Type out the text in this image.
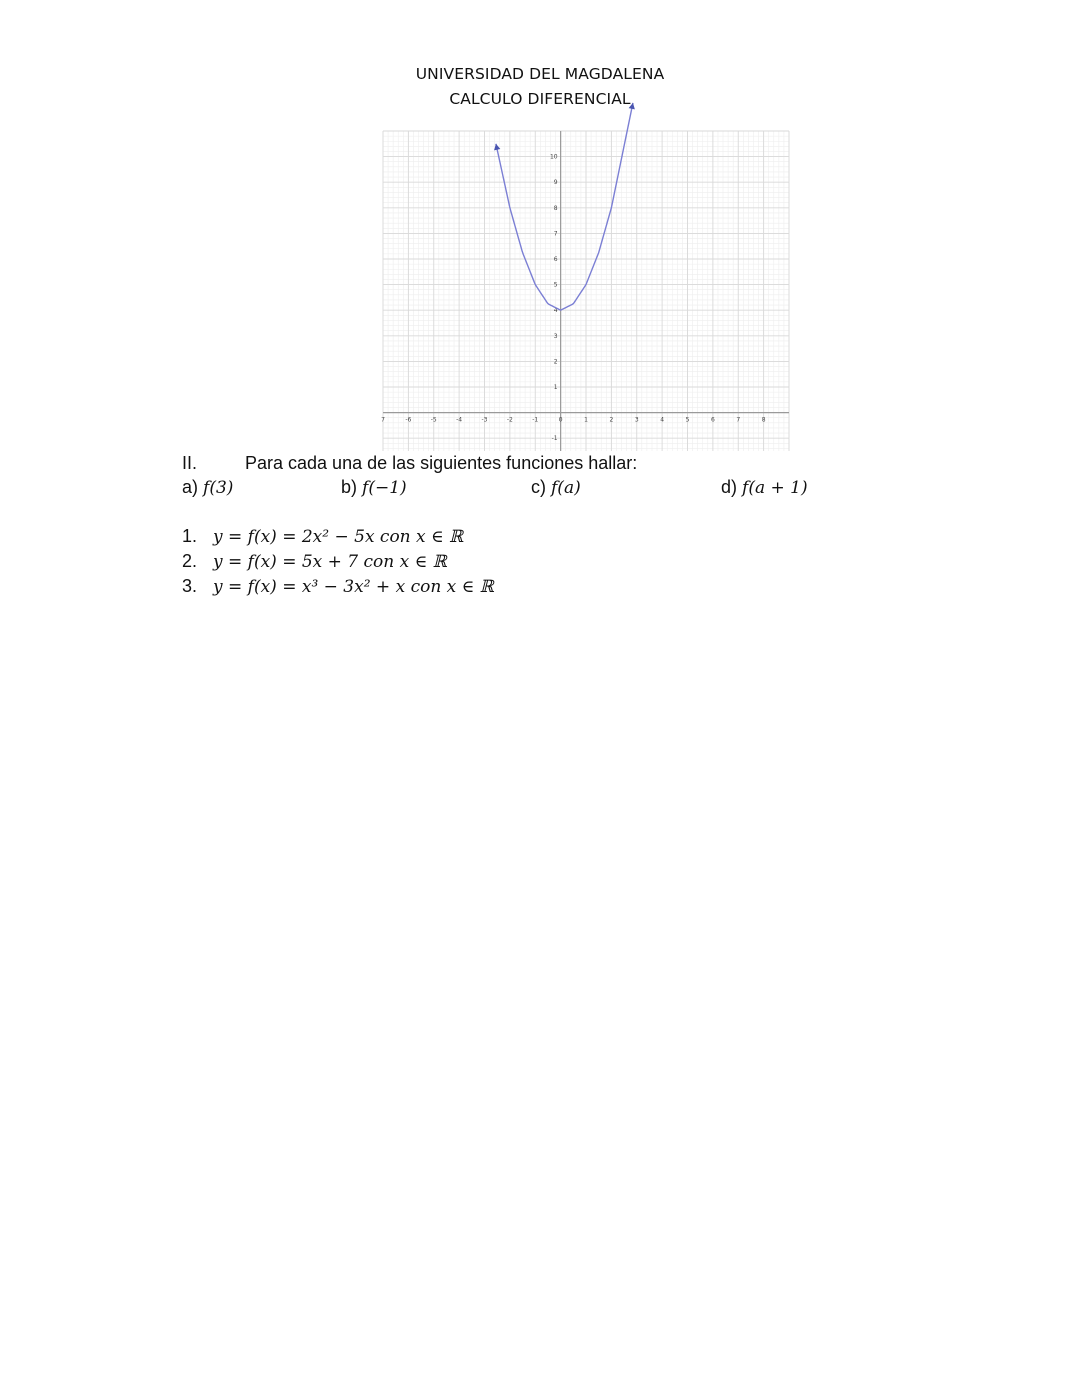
UNIVERSIDAD DEL MAGDALENA
CALCULO DIFERENCIAL
7	-6	-5	-4	-3	-2	-1	0	1	2	3	4	5	6	7	8
10
9
8
7
6
5
4
3
2
1
-1
II.	Para cada una de las siguientes funciones hallar:
a) f(3)	b) f(−1)	c) f(a)	d) f(a + 1)
1. y = f(x) = 2x² − 5x con x ∈ ℝ
2. y = f(x) = 5x + 7 con x ∈ ℝ
3. y = f(x) = x³ − 3x² + x con x ∈ ℝ
